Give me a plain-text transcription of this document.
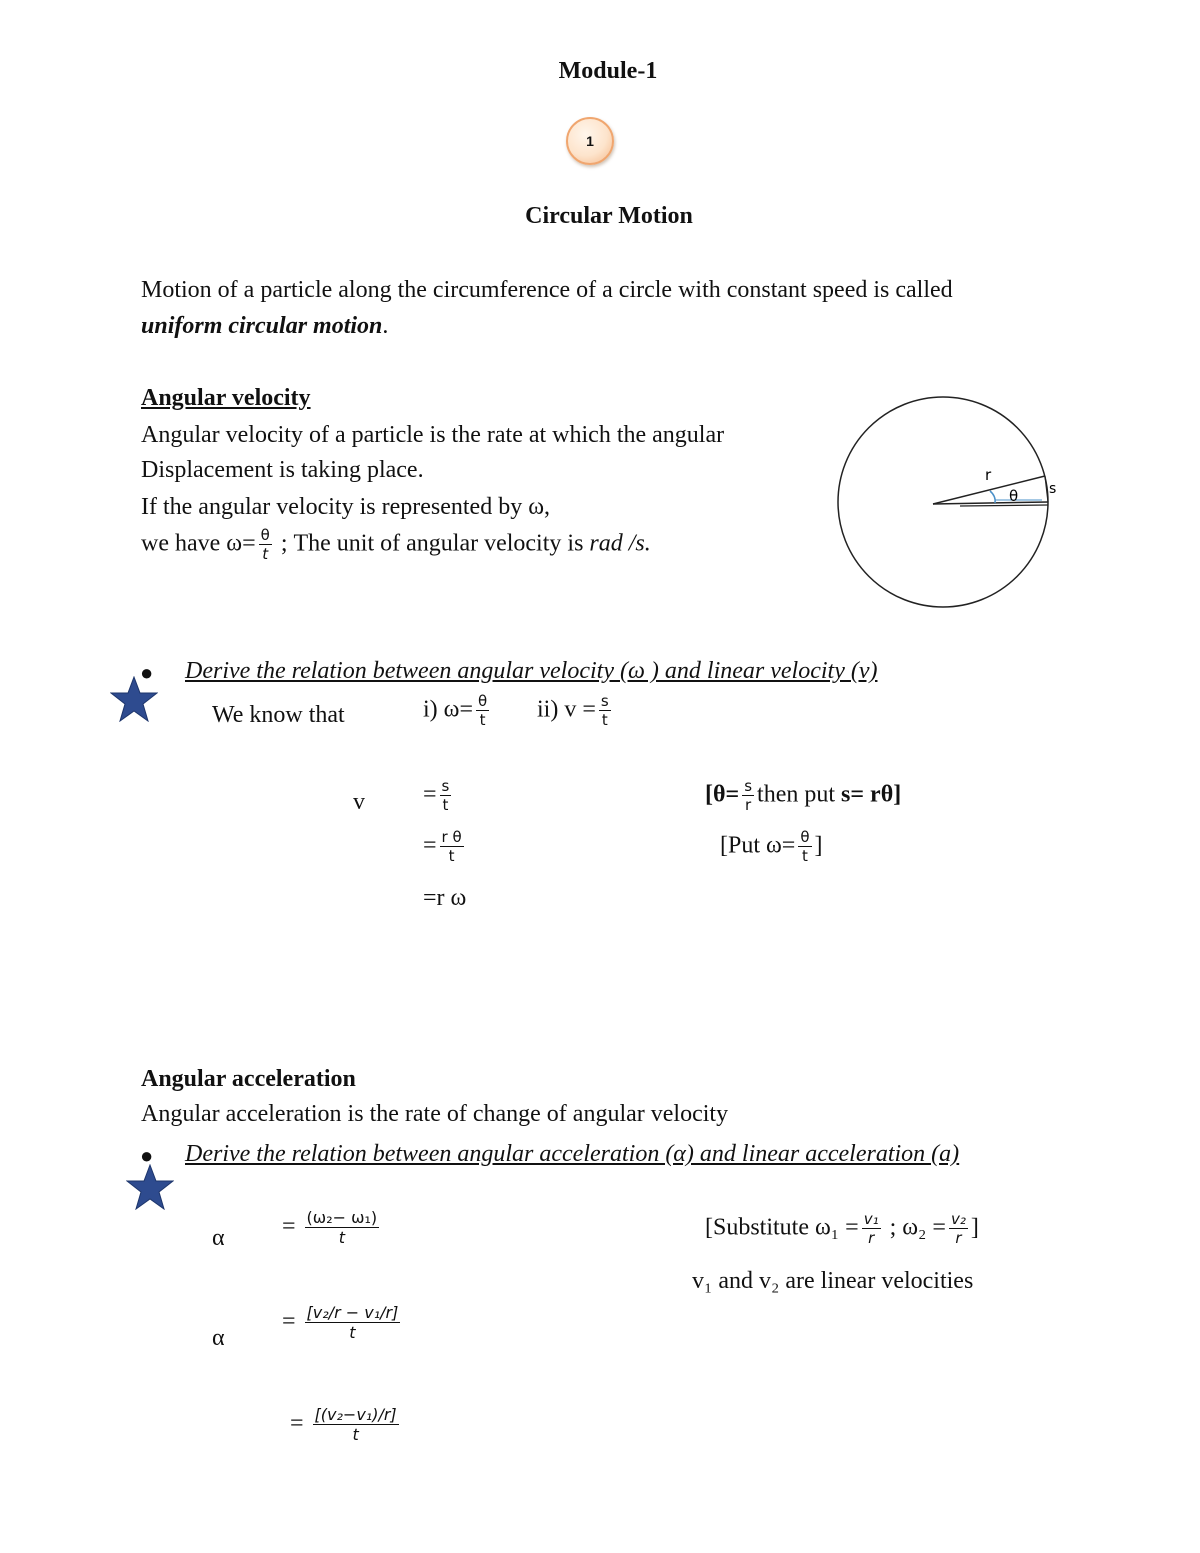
Module-1
1
Circular Motion
Motion of a particle along the circumference of a circle with constant speed is called
uniform circular motion.
Angular velocity
Angular velocity of a particle is the rate at which the angular
Displacement is taking place.
If the angular velocity is represented by ω,
we have $\omega= \frac{\theta}{t}$ ; The unit of angular velocity is rad /s.
r
θ s
● Derive the relation between angular velocity (ω ) and linear velocity (v)
We know that	i) $\omega= \frac{\theta}{t} ii$) $v = \frac{s}{t}$
$v = \frac{s}{t}$
= $\frac{\text{r θ}}{t}$
=r ω
[$\theta= \frac{s}{r}$ then put s= rθ]
[Put $\omega= \frac{\theta}{t}$ ]
Angular acceleration
Angular acceleration is the rate of change of angular velocity
● Derive the relation between angular acceleration (α) and linear acceleration (a)
$\alpha = \frac{\text{(ω₂− ω₁)}}{t}$
α
= $\frac{\text{[v₂/r − v₁/r]}}{t}$
= $\frac{\text{[(v₂−v₁)/r]}}{t}$
[Substitute $\omega_1 = \frac{\text{v₁}}{r}$ ; $\omega_2 = \frac{\text{v₂}}{r}$ ]
v₁ and v₂ are linear velocities
